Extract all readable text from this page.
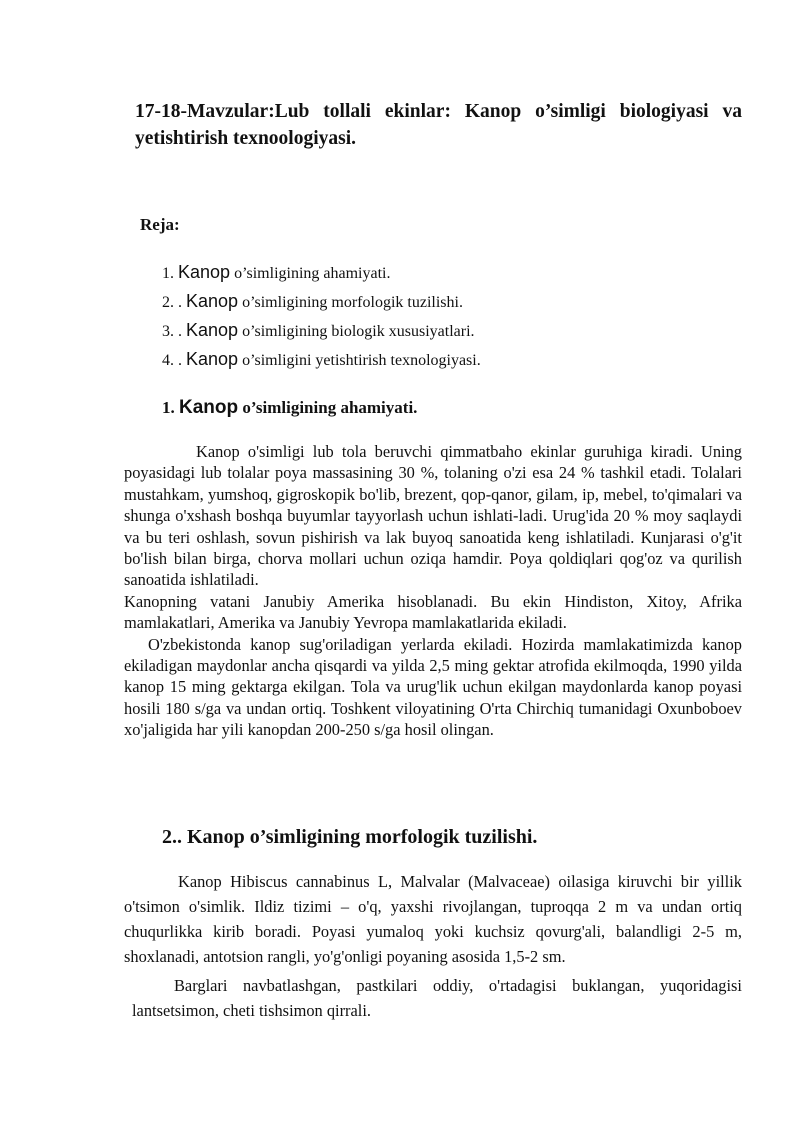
17-18-Mavzular:Lub tollali ekinlar: Kanop o’simligi biologiyasi va yetishtirish texnoologiyasi.
Reja:
1. Kanop o’simligining ahamiyati.
2. . Kanop o’simligining morfologik tuzilishi.
3. . Kanop o’simligining biologik xususiyatlari.
4. . Kanop o’simligini yetishtirish texnologiyasi.
1. Kanop o’simligining ahamiyati.

Kanop o'simligi lub tola beruvchi qimmatbaho ekinlar guruhiga kiradi. Uning poyasidagi lub tolalar poya massasining 30 %, tolaning o'zi esa 24 % tashkil etadi. Tolalari mustahkam, yumshoq, gigroskopik bo'lib, brezent, qop-qanor, gilam, ip, mebel, to'qimalari va shunga o'xshash boshqa buyumlar tayyorlash uchun ishlati-ladi. Urug'ida 20 % moy saqlaydi va bu teri oshlash, sovun pishirish va lak buyoq sanoatida keng ishlatiladi. Kunjarasi o'g'it bo'lish bilan birga, chorva mollari uchun oziqa hamdir. Poya qoldiqlari qog'oz va qurilish sanoatida ishlatiladi.

Kanopning vatani Janubiy Amerika hisoblanadi. Bu ekin Hindiston, Xitoy, Afrika mamlakatlari, Amerika va Janubiy Yevropa mamlakatlarida ekiladi.

O'zbekistonda kanop sug'oriladigan yerlarda ekiladi. Hozirda mamlakatimizda kanop ekiladigan maydonlar ancha qisqardi va yilda 2,5 ming gektar atrofida ekilmoqda, 1990 yilda kanop 15 ming gektarga ekilgan. Tola va urug'lik uchun ekilgan maydonlarda kanop poyasi hosili 180 s/ga va undan ortiq. Toshkent viloyatining O'rta Chirchiq tumanidagi Oxunboboev xo'jaligida har yili kanopdan 200-250 s/ga hosil olingan.

2.. Kanop o’simligining morfologik tuzilishi.

Kanop Hibiscus cannabinus L, Malvalar (Malvaceae) oilasiga kiruvchi bir yillik o'tsimon o'simlik. Ildiz tizimi – o'q, yaxshi rivojlangan, tuproqqa 2 m va undan ortiq chuqurlikka kirib boradi. Poyasi yumaloq yoki kuchsiz qovurg'ali, balandligi 2-5 m, shoxlanadi, antotsion rangli, yo'g'onligi poyaning asosida 1,5-2 sm.

Barglari navbatlashgan, pastkilari oddiy, o'rtadagisi buklangan, yuqoridagisi lantsetsimon, cheti tishsimon qirrali.
